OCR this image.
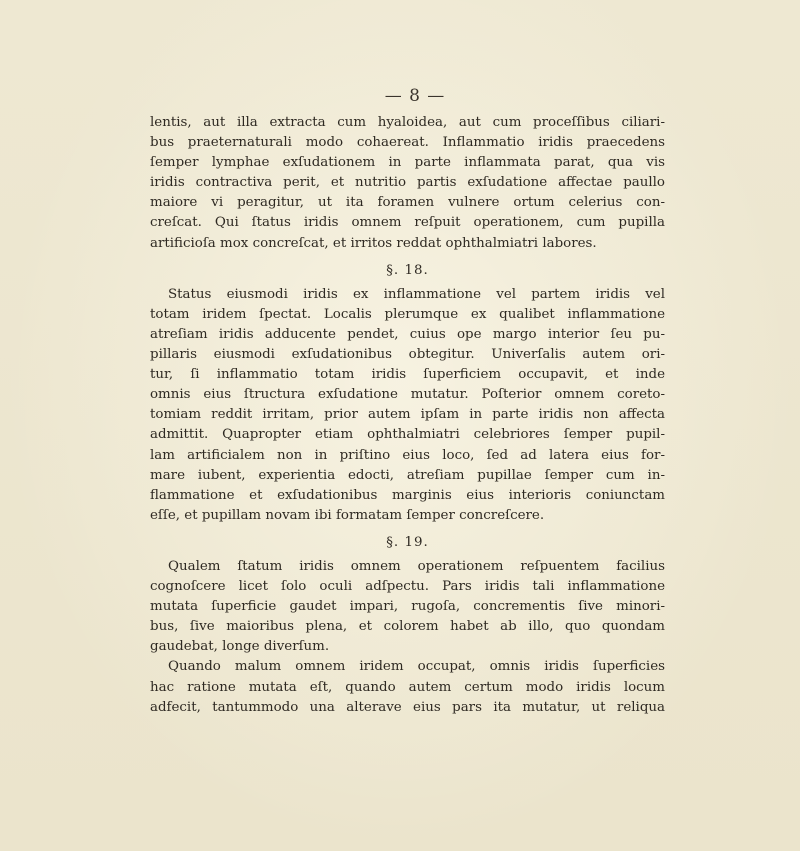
— 8 —
lentis, aut illa extracta cum hyaloidea, aut cum proceſſibus ciliari-
bus praeternaturali modo cohaereat. Inflammatio iridis praecedens
ſemper lymphae exſudationem in parte inflammata parat, qua vis
iridis contractiva perit, et nutritio partis exſudatione affectae paullo
maiore vi peragitur, ut ita foramen vulnere ortum celerius con-
creſcat. Qui ſtatus iridis omnem reſpuit operationem, cum pupilla
artificioſa mox concreſcat, et irritos reddat ophthalmiatri labores.
§. 18.
Status eiusmodi iridis ex inflammatione vel partem iridis vel
totam iridem ſpectat. Localis plerumque ex qualibet inflammatione
atreſiam iridis adducente pendet, cuius ope margo interior ſeu pu-
pillaris eiusmodi exſudationibus obtegitur. Univerſalis autem ori-
tur, ſi inflammatio totam iridis ſuperficiem occupavit, et inde
omnis eius ſtructura exſudatione mutatur. Poſterior omnem coreto-
tomiam reddit irritam, prior autem ipſam in parte iridis non affecta
admittit. Quapropter etiam ophthalmiatri celebriores ſemper pupil-
lam artificialem non in priſtino eius loco, ſed ad latera eius for-
mare iubent, experientia edocti, atreſiam pupillae ſemper cum in-
flammatione et exſudationibus marginis eius interioris coniunctam
eſſe, et pupillam novam ibi formatam ſemper concreſcere.
§. 19.
Qualem ſtatum iridis omnem operationem reſpuentem facilius
cognoſcere licet ſolo oculi adſpectu. Pars iridis tali inflammatione
mutata ſuperficie gaudet impari, rugoſa, concrementis ſive minori-
bus, ſive maioribus plena, et colorem habet ab illo, quo quondam
gaudebat, longe diverſum.
Quando malum omnem iridem occupat, omnis iridis ſuperficies
hac ratione mutata eſt, quando autem certum modo iridis locum
adfecit, tantummodo una alterave eius pars ita mutatur, ut reliqua
